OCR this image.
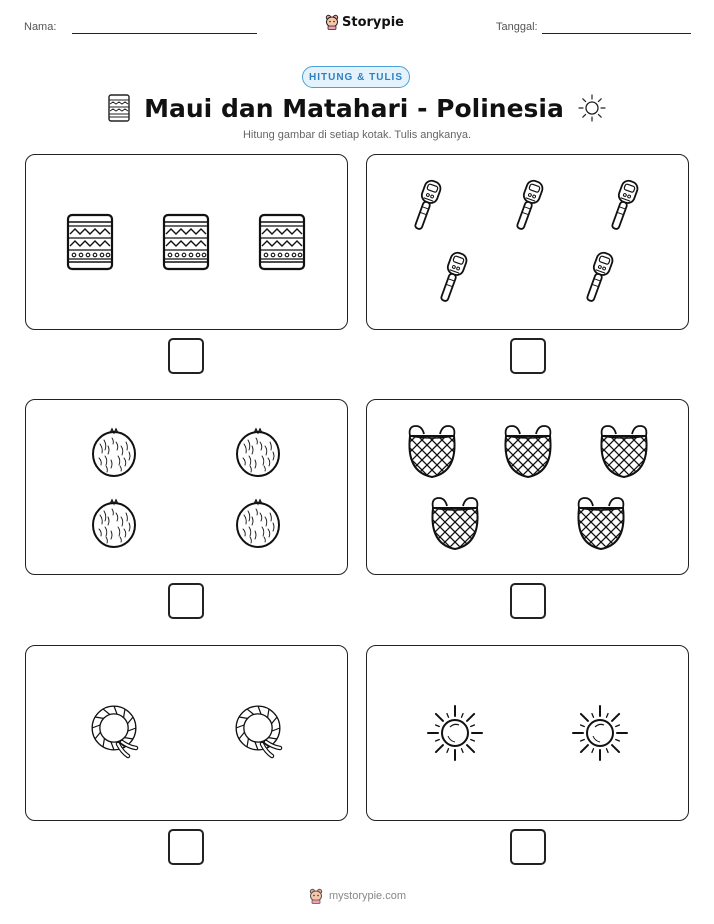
Nama:	Storypie	Tanggal:
HITUNG & TULIS
Maui dan Matahari - Polinesia
Hitung gambar di setiap kotak. Tulis angkanya.
mystorypie.com
